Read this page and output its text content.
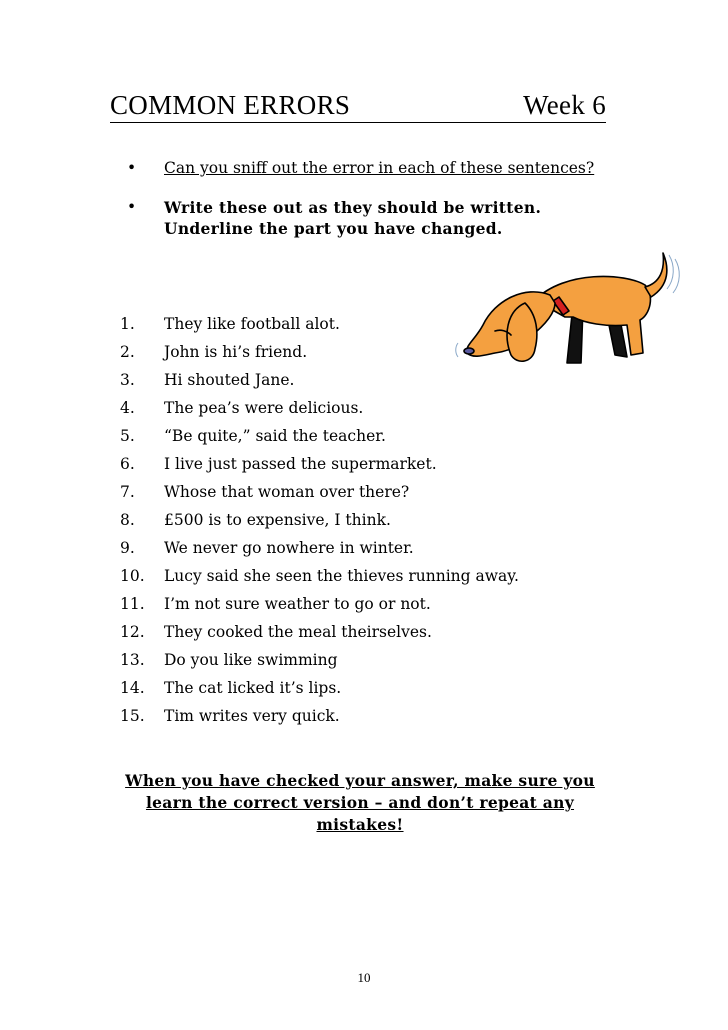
COMMON ERRORS	Week 6
•	Can you sniff out the error in each of these sentences?
•	Write these out as they should be written. Underline the part you have changed.
1.	They like football alot.
2.	John is hi’s friend.
3.	Hi shouted Jane.
4.	The pea’s were delicious.
5.	“Be quite,” said the teacher.
6.	I live just passed the supermarket.
7.	Whose that woman over there?
8.	£500 is to expensive, I think.
9.	We never go nowhere in winter.
10.	Lucy said she seen the thieves running away.
11.	I’m not sure weather to go or not.
12.	They cooked the meal theirselves.
13.	Do you like swimming
14.	The cat licked it’s lips.
15.	Tim writes very quick.
When you have checked your answer, make sure you learn the correct version – and don’t repeat any mistakes!
10
